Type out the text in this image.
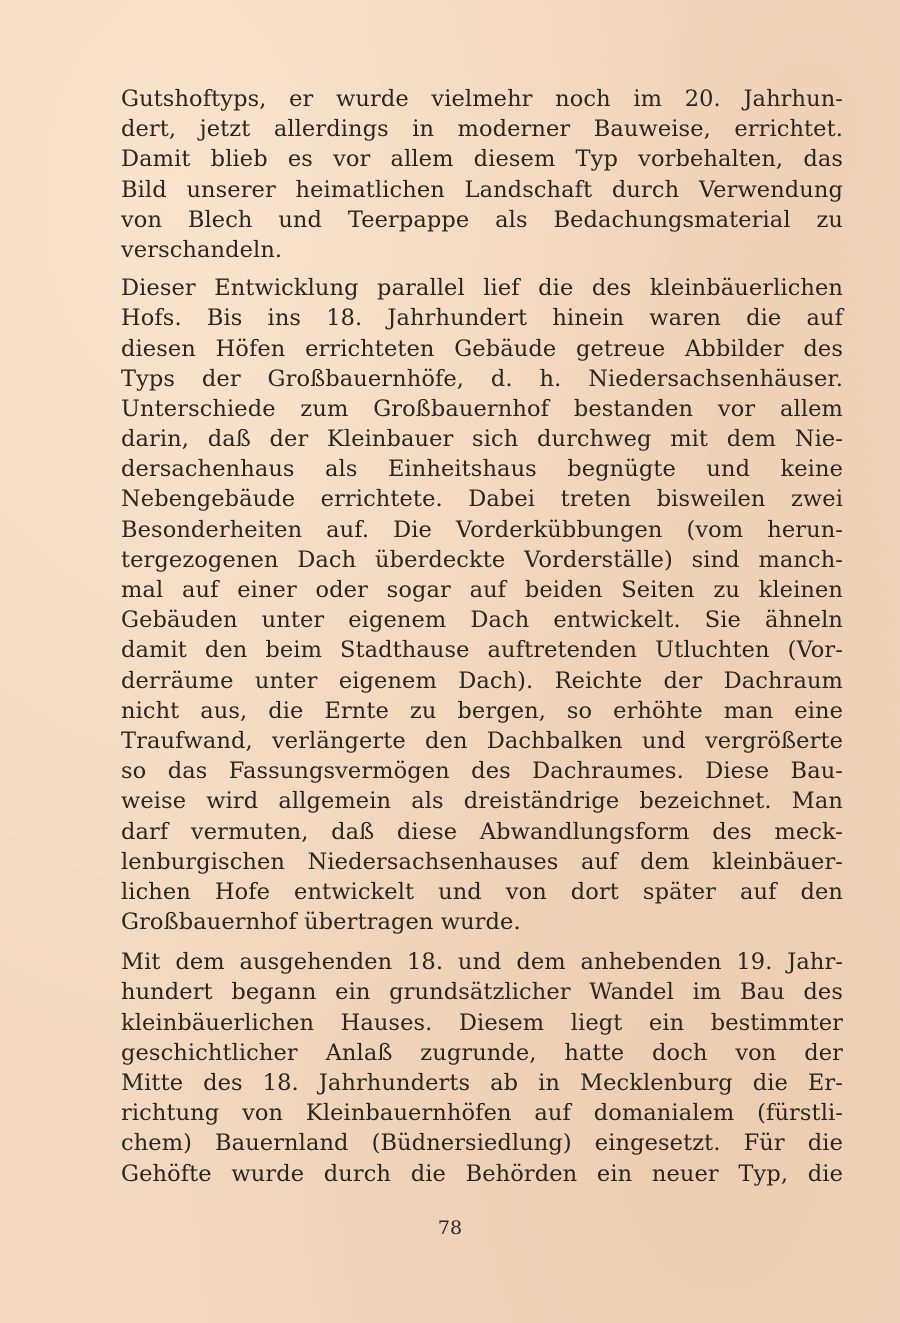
Gutshoftyps, er wurde vielmehr noch im 20. Jahrhun-
dert, jetzt allerdings in moderner Bauweise, errichtet.
Damit blieb es vor allem diesem Typ vorbehalten, das
Bild unserer heimatlichen Landschaft durch Verwendung
von Blech und Teerpappe als Bedachungsmaterial zu
verschandeln.
Dieser Entwicklung parallel lief die des kleinbäuerlichen
Hofs. Bis ins 18. Jahrhundert hinein waren die auf
diesen Höfen errichteten Gebäude getreue Abbilder des
Typs der Großbauernhöfe, d. h. Niedersachsenhäuser.
Unterschiede zum Großbauernhof bestanden vor allem
darin, daß der Kleinbauer sich durchweg mit dem Nie-
dersachenhaus als Einheitshaus begnügte und keine
Nebengebäude errichtete. Dabei treten bisweilen zwei
Besonderheiten auf. Die Vorderkübbungen (vom herun-
tergezogenen Dach überdeckte Vorderställe) sind manch-
mal auf einer oder sogar auf beiden Seiten zu kleinen
Gebäuden unter eigenem Dach entwickelt. Sie ähneln
damit den beim Stadthause auftretenden Utluchten (Vor-
derräume unter eigenem Dach). Reichte der Dachraum
nicht aus, die Ernte zu bergen, so erhöhte man eine
Traufwand, verlängerte den Dachbalken und vergrößerte
so das Fassungsvermögen des Dachraumes. Diese Bau-
weise wird allgemein als dreiständrige bezeichnet. Man
darf vermuten, daß diese Abwandlungsform des meck-
lenburgischen Niedersachsenhauses auf dem kleinbäuer-
lichen Hofe entwickelt und von dort später auf den
Großbauernhof übertragen wurde.
Mit dem ausgehenden 18. und dem anhebenden 19. Jahr-
hundert begann ein grundsätzlicher Wandel im Bau des
kleinbäuerlichen Hauses. Diesem liegt ein bestimmter
geschichtlicher Anlaß zugrunde, hatte doch von der
Mitte des 18. Jahrhunderts ab in Mecklenburg die Er-
richtung von Kleinbauernhöfen auf domanialem (fürstli-
chem) Bauernland (Büdnersiedlung) eingesetzt. Für die
Gehöfte wurde durch die Behörden ein neuer Typ, die
78
